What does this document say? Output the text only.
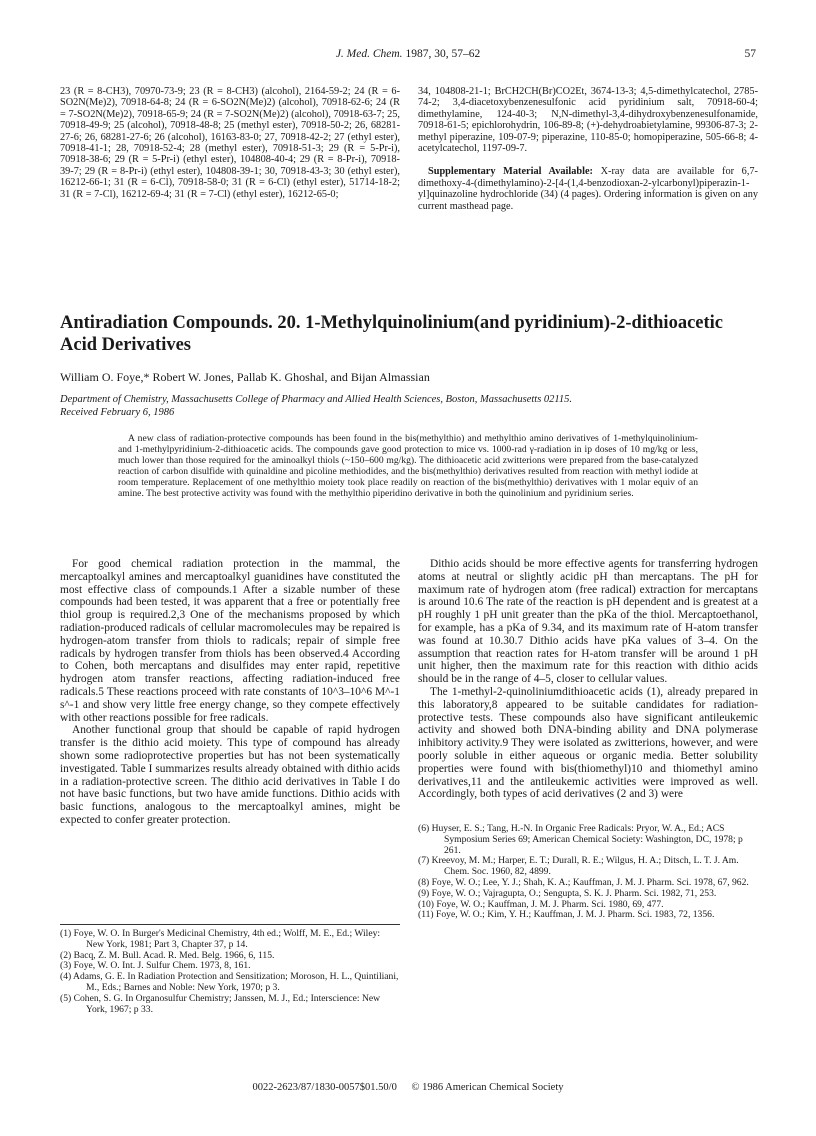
J. Med. Chem. 1987, 30, 57–62	57
23 (R = 8-CH3), 70970-73-9; 23 (R = 8-CH3) (alcohol), 2164-59-2; 24 (R = 6-SO2N(Me)2), 70918-64-8; 24 (R = 6-SO2N(Me)2) (alcohol), 70918-62-6; 24 (R = 7-SO2N(Me)2), 70918-65-9; 24 (R = 7-SO2N(Me)2) (alcohol), 70918-63-7; 25, 70918-49-9; 25 (alcohol), 70918-48-8; 25 (methyl ester), 70918-50-2; 26, 68281-27-6; 26, 68281-27-6; 26 (alcohol), 16163-83-0; 27, 70918-42-2; 27 (ethyl ester), 70918-41-1; 28, 70918-52-4; 28 (methyl ester), 70918-51-3; 29 (R = 5-Pr-i), 70918-38-6; 29 (R = 5-Pr-i) (ethyl ester), 104808-40-4; 29 (R = 8-Pr-i), 70918-39-7; 29 (R = 8-Pr-i) (ethyl ester), 104808-39-1; 30, 70918-43-3; 30 (ethyl ester), 16212-66-1; 31 (R = 6-Cl), 70918-58-0; 31 (R = 6-Cl) (ethyl ester), 51714-18-2; 31 (R = 7-Cl), 16212-69-4; 31 (R = 7-Cl) (ethyl ester), 16212-65-0;
34, 104808-21-1; BrCH2CH(Br)CO2Et, 3674-13-3; 4,5-dimethylcatechol, 2785-74-2; 3,4-diacetoxybenzenesulfonic acid pyridinium salt, 70918-60-4; dimethylamine, 124-40-3; N,N-dimethyl-3,4-dihydroxybenzenesulfonamide, 70918-61-5; epichlorohydrin, 106-89-8; (+)-dehydroabietylamine, 99306-87-3; 2-methyl piperazine, 109-07-9; piperazine, 110-85-0; homopiperazine, 505-66-8; 4-acetylcatechol, 1197-09-7.
Supplementary Material Available: X-ray data are available for 6,7-dimethoxy-4-(dimethylamino)-2-[4-(1,4-benzodioxan-2-ylcarbonyl)piperazin-1-yl]quinazoline hydrochloride (34) (4 pages). Ordering information is given on any current masthead page.
Antiradiation Compounds. 20. 1-Methylquinolinium(and pyridinium)-2-dithioacetic Acid Derivatives
William O. Foye,* Robert W. Jones, Pallab K. Ghoshal, and Bijan Almassian
Department of Chemistry, Massachusetts College of Pharmacy and Allied Health Sciences, Boston, Massachusetts 02115.
Received February 6, 1986
A new class of radiation-protective compounds has been found in the bis(methylthio) and methylthio amino derivatives of 1-methylquinolinium- and 1-methylpyridinium-2-dithioacetic acids. The compounds gave good protection to mice vs. 1000-rad γ-radiation in ip doses of 10 mg/kg or less, much lower than those required for the aminoalkyl thiols (~150–600 mg/kg). The dithioacetic acid zwitterions were prepared from the base-catalyzed reaction of carbon disulfide with quinaldine and picoline methiodides, and the bis(methylthio) derivatives resulted from reaction with methyl iodide at room temperature. Replacement of one methylthio moiety took place readily on reaction of the bis(methylthio) derivatives with 1 molar equiv of an amine. The best protective activity was found with the methylthio piperidino derivative in both the quinolinium and pyridinium series.

For good chemical radiation protection in the mammal, the mercaptoalkyl amines and mercaptoalkyl guanidines have constituted the most effective class of compounds.1 After a sizable number of these compounds had been tested, it was apparent that a free or potentially free thiol group is required.2,3 One of the mechanisms proposed by which radiation-produced radicals of cellular macromolecules may be repaired is hydrogen-atom transfer from thiols to radicals; repair of simple free radicals by hydrogen transfer from thiols has been observed.4 According to Cohen, both mercaptans and disulfides may enter rapid, repetitive hydrogen atom transfer reactions, affecting radiation-induced free radicals.5 These reactions proceed with rate constants of 10^3–10^6 M^-1 s^-1 and show very little free energy change, so they compete effectively with other reactions possible for free radicals.

Another functional group that should be capable of rapid hydrogen transfer is the dithio acid moiety. This type of compound has already shown some radioprotective properties but has not been systematically investigated. Table I summarizes results already obtained with dithio acids in a radiation-protective screen. The dithio acid derivatives in Table I do not have basic functions, but two have amide functions. Dithio acids with basic functions, analogous to the mercaptoalkyl amines, might be expected to confer greater protection.

Dithio acids should be more effective agents for transferring hydrogen atoms at neutral or slightly acidic pH than mercaptans. The pH for maximum rate of hydrogen atom (free radical) extraction for mercaptans is around 10.6 The rate of the reaction is pH dependent and is greatest at a pH roughly 1 pH unit greater than the pKa of the thiol. Mercaptoethanol, for example, has a pKa of 9.34, and its maximum rate of H-atom transfer was found at 10.30.7 Dithio acids have pKa values of 3–4. On the assumption that reaction rates for H-atom transfer will be around 1 pH unit higher, then the maximum rate for this reaction with dithio acids should be in the range of 4–5, closer to cellular values.

The 1-methyl-2-quinoliniumdithioacetic acids (1), already prepared in this laboratory,8 appeared to be suitable candidates for radiation-protective tests. These compounds also have significant antileukemic activity and showed both DNA-binding ability and DNA polymerase inhibitory activity.9 They were isolated as zwitterions, however, and were poorly soluble in either aqueous or organic media. Better solubility properties were found with bis(thiomethyl)10 and thiomethyl amino derivatives,11 and the antileukemic activities were improved as well. Accordingly, both types of acid derivatives (2 and 3) were

(1) Foye, W. O. In Burger's Medicinal Chemistry, 4th ed.; Wolff, M. E., Ed.; Wiley: New York, 1981; Part 3, Chapter 37, p 14.
(2) Bacq, Z. M. Bull. Acad. R. Med. Belg. 1966, 6, 115.
(3) Foye, W. O. Int. J. Sulfur Chem. 1973, 8, 161.
(4) Adams, G. E. In Radiation Protection and Sensitization; Moroson, H. L., Quintiliani, M., Eds.; Barnes and Noble: New York, 1970; p 3.
(5) Cohen, S. G. In Organosulfur Chemistry; Janssen, M. J., Ed.; Interscience: New York, 1967; p 33.
(6) Huyser, E. S.; Tang, H.-N. In Organic Free Radicals: Pryor, W. A., Ed.; ACS Symposium Series 69; American Chemical Society: Washington, DC, 1978; p 261.
(7) Kreevoy, M. M.; Harper, E. T.; Durall, R. E.; Wilgus, H. A.; Ditsch, L. T. J. Am. Chem. Soc. 1960, 82, 4899.
(8) Foye, W. O.; Lee, Y. J.; Shah, K. A.; Kauffman, J. M. J. Pharm. Sci. 1978, 67, 962.
(9) Foye, W. O.; Vajragupta, O.; Sengupta, S. K. J. Pharm. Sci. 1982, 71, 253.
(10) Foye, W. O.; Kauffman, J. M. J. Pharm. Sci. 1980, 69, 477.
(11) Foye, W. O.; Kim, Y. H.; Kauffman, J. M. J. Pharm. Sci. 1983, 72, 1356.
0022-2623/87/1830-0057$01.50/0 © 1986 American Chemical Society
